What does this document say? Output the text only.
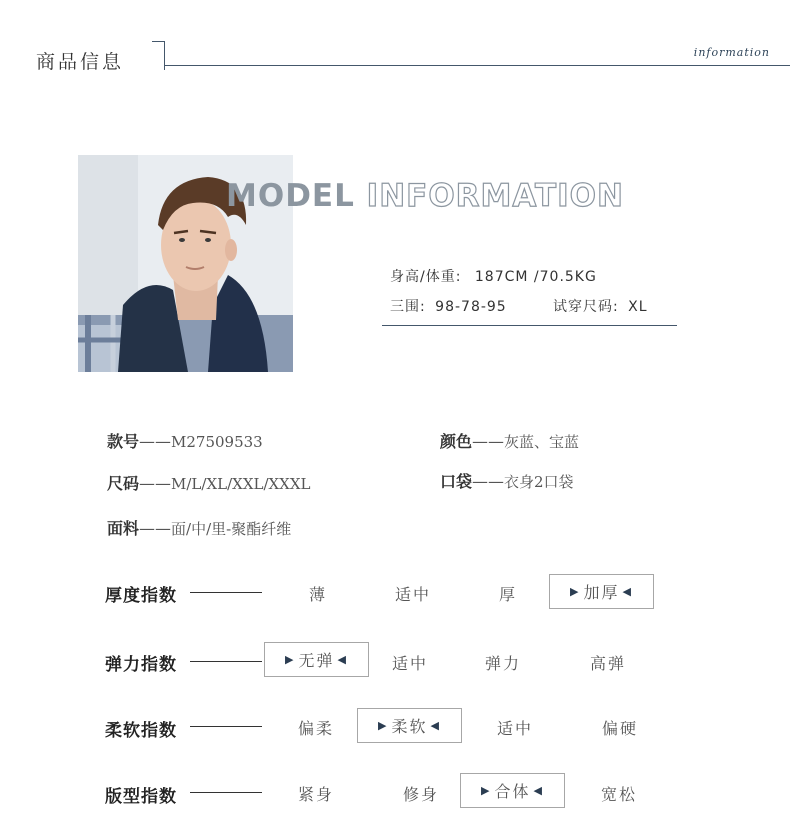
商品信息	information
MODEL INFORMATION
身高/体重: 187CM /70.5KG
三围: 98-78-95	试穿尺码: XL
款号——M27509533	颜色——灰蓝、宝蓝
尺码——M/L/XL/XXL/XXXL	口袋——衣身2口袋
面料——面/中/里-聚酯纤维
厚度指数	薄	适中	厚	▶ 加厚 ◀
弹力指数	▶ 无弹 ◀	适中	弹力	高弹
柔软指数	偏柔	▶ 柔软 ◀	适中	偏硬
版型指数	紧身	修身	▶ 合体 ◀	宽松
